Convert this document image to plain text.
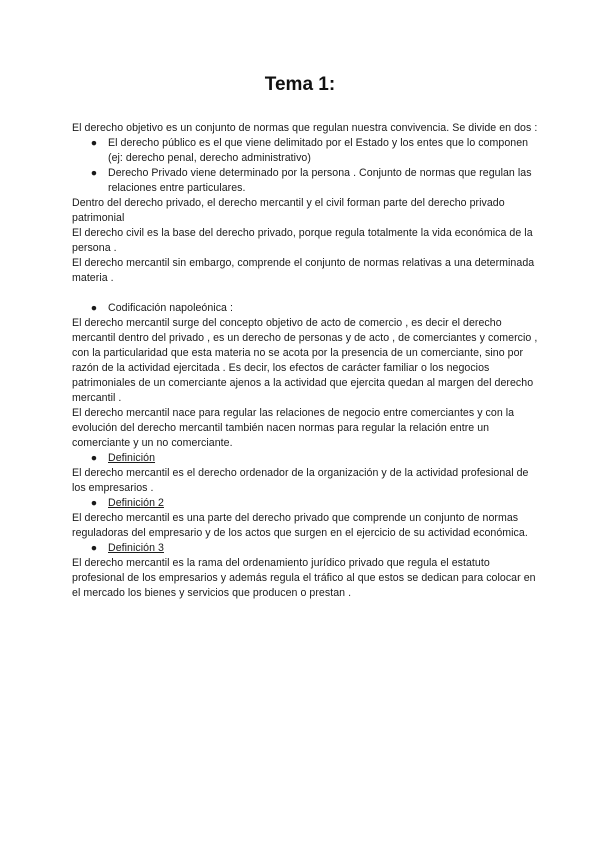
Tema 1:

El derecho objetivo es un conjunto de normas que regulan nuestra convivencia. Se divide en dos :

● El derecho público es el que viene delimitado por el Estado y los entes que lo componen (ej: derecho penal, derecho administrativo)
● Derecho Privado viene determinado por la persona . Conjunto de normas que regulan las relaciones entre particulares.

Dentro del derecho privado, el derecho mercantil y el civil forman parte del derecho privado patrimonial

El derecho civil es la base del derecho privado, porque regula totalmente la vida económica de la persona .

El derecho mercantil sin embargo, comprende el conjunto de normas relativas a una determinada materia .

● Codificación napoleónica :

El derecho mercantil surge del concepto objetivo de acto de comercio , es decir el derecho mercantil dentro del privado , es un derecho de personas y de acto , de comerciantes y comercio , con la particularidad que esta materia no se acota por la presencia de un comerciante, sino por razón de la actividad ejercitada . Es decir, los efectos de carácter familiar o los negocios patrimoniales de un comerciante ajenos a la actividad que ejercita quedan al margen del derecho mercantil .

El derecho mercantil nace para regular las relaciones de negocio entre comerciantes y con la evolución del derecho mercantil también nacen normas para regular la relación entre un comerciante y un no comerciante.

● Definición

El derecho mercantil es el derecho ordenador de la organización y de la actividad profesional de los empresarios .

● Definición 2

El derecho mercantil es una parte del derecho privado que comprende un conjunto de normas reguladoras del empresario y de los actos que surgen en el ejercicio de su actividad económica.

● Definición 3

El derecho mercantil es la rama del ordenamiento jurídico privado que regula el estatuto profesional de los empresarios y además regula el tráfico al que estos se dedican para colocar en el mercado los bienes y servicios que producen o prestan .
